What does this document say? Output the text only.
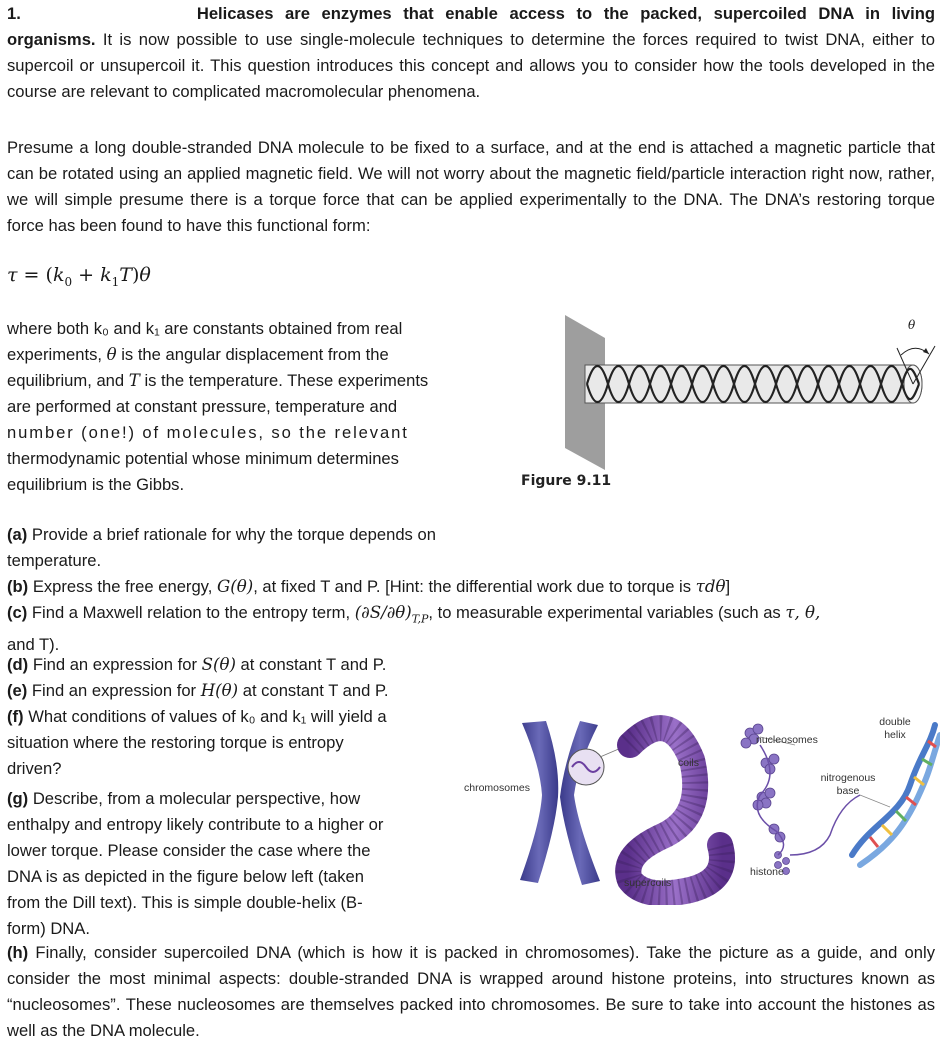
1.	Helicases are enzymes that enable access to the packed, supercoiled DNA in living organisms. It is now possible to use single-molecule techniques to determine the forces required to twist DNA, either to supercoil or unsupercoil it. This question introduces this concept and allows you to consider how the tools developed in the course are relevant to complicated macromolecular phenomena.
Presume a long double-stranded DNA molecule to be fixed to a surface, and at the end is attached a magnetic particle that can be rotated using an applied magnetic field. We will not worry about the magnetic field/particle interaction right now, rather, we will simple presume there is a torque force that can be applied experimentally to the DNA. The DNA’s restoring torque force has been found to have this functional form:
$\tau = (k_0 + k_1T)\theta$
where both k₀ and k₁ are constants obtained from real
experiments, θ is the angular displacement from the
equilibrium, and T is the temperature. These experiments
are performed at constant pressure, temperature and
number (one!) of molecules, so the relevant
thermodynamic potential whose minimum determines
equilibrium is the Gibbs.
θ
Figure 9.11
(a) Provide a brief rationale for why the torque depends on
temperature.
(b) Express the free energy, G(θ), at fixed T and P. [Hint: the differential work due to torque is τdθ]
(c) Find a Maxwell relation to the entropy term, $(\partial S/\partial\theta)_{T,P}$, to measurable experimental variables (such as τ, θ,
and T).
(d) Find an expression for S(θ) at constant T and P.
(e) Find an expression for H(θ) at constant T and P.
(f) What conditions of values of k₀ and k₁ will yield a
situation where the restoring torque is entropy
driven?
(g) Describe, from a molecular perspective, how
enthalpy and entropy likely contribute to a higher or
lower torque. Please consider the case where the
DNA is as depicted in the figure below left (taken
from the Dill text). This is simple double-helix (B-
form) DNA.
(h) Finally, consider supercoiled DNA (which is how it is packed in chromosomes). Take the picture as a guide, and only consider the most minimal aspects: double-stranded DNA is wrapped around histone proteins, into structures known as “nucleosomes”. These nucleosomes are themselves packed into chromosomes. Be sure to take into account the histones as well as the DNA molecule.
chromosomes
coils
supercoils
nucleosomes
histone
nitrogenous
base
double
helix
